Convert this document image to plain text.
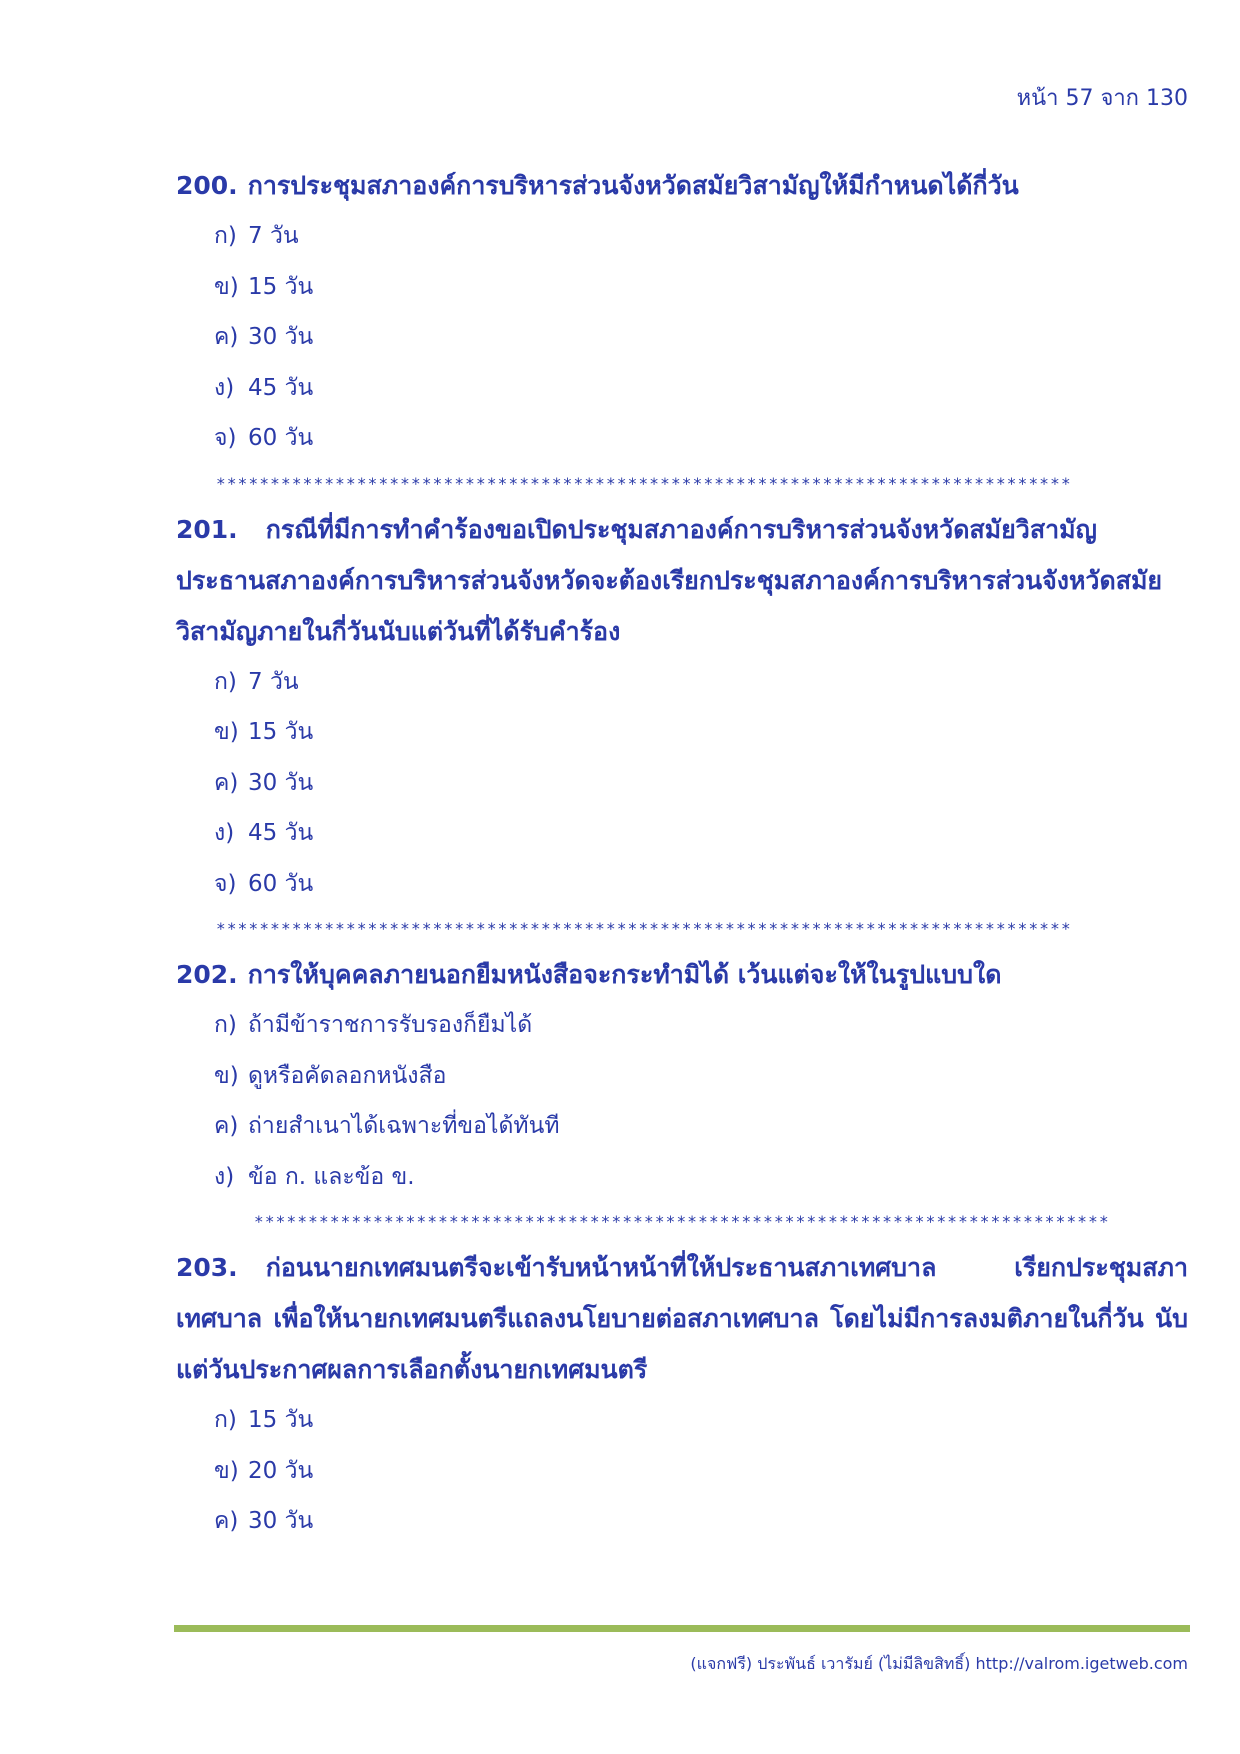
หน้า 57 จาก 130

200. การประชุมสภาองค์การบริหารส่วนจังหวัดสมัยวิสามัญให้มีกำหนดได้กี่วัน

ก) 7 วัน
ข) 15 วัน
ค) 30 วัน
ง) 45 วัน
จ) 60 วัน
*******************************************************************************

201. กรณีที่มีการทำคำร้องขอเปิดประชุมสภาองค์การบริหารส่วนจังหวัดสมัยวิสามัญ ประธานสภาองค์การบริหารส่วนจังหวัดจะต้องเรียกประชุมสภาองค์การบริหารส่วนจังหวัดสมัยวิสามัญภายในกี่วันนับแต่วันที่ได้รับคำร้อง

ก) 7 วัน
ข) 15 วัน
ค) 30 วัน
ง) 45 วัน
จ) 60 วัน
*******************************************************************************

202. การให้บุคคลภายนอกยืมหนังสือจะกระทำมิได้ เว้นแต่จะให้ในรูปแบบใด

ก) ถ้ามีข้าราชการรับรองก็ยืมได้
ข) ดูหรือคัดลอกหนังสือ
ค) ถ่ายสำเนาได้เฉพาะที่ขอได้ทันที
ง) ข้อ ก. และข้อ ข.
*******************************************************************************

203. ก่อนนายกเทศมนตรีจะเข้ารับหน้าหน้าที่ให้ประธานสภาเทศบาล เรียกประชุมสภาเทศบาล เพื่อให้นายกเทศมนตรีแถลงนโยบายต่อสภาเทศบาล โดยไม่มีการลงมติภายในกี่วัน นับแต่วันประกาศผลการเลือกตั้งนายกเทศมนตรี

ก) 15 วัน
ข) 20 วัน
ค) 30 วัน
(แจกฟรี) ประพันธ์ เวารัมย์ (ไม่มีลิขสิทธิ์) http://valrom.igetweb.com
